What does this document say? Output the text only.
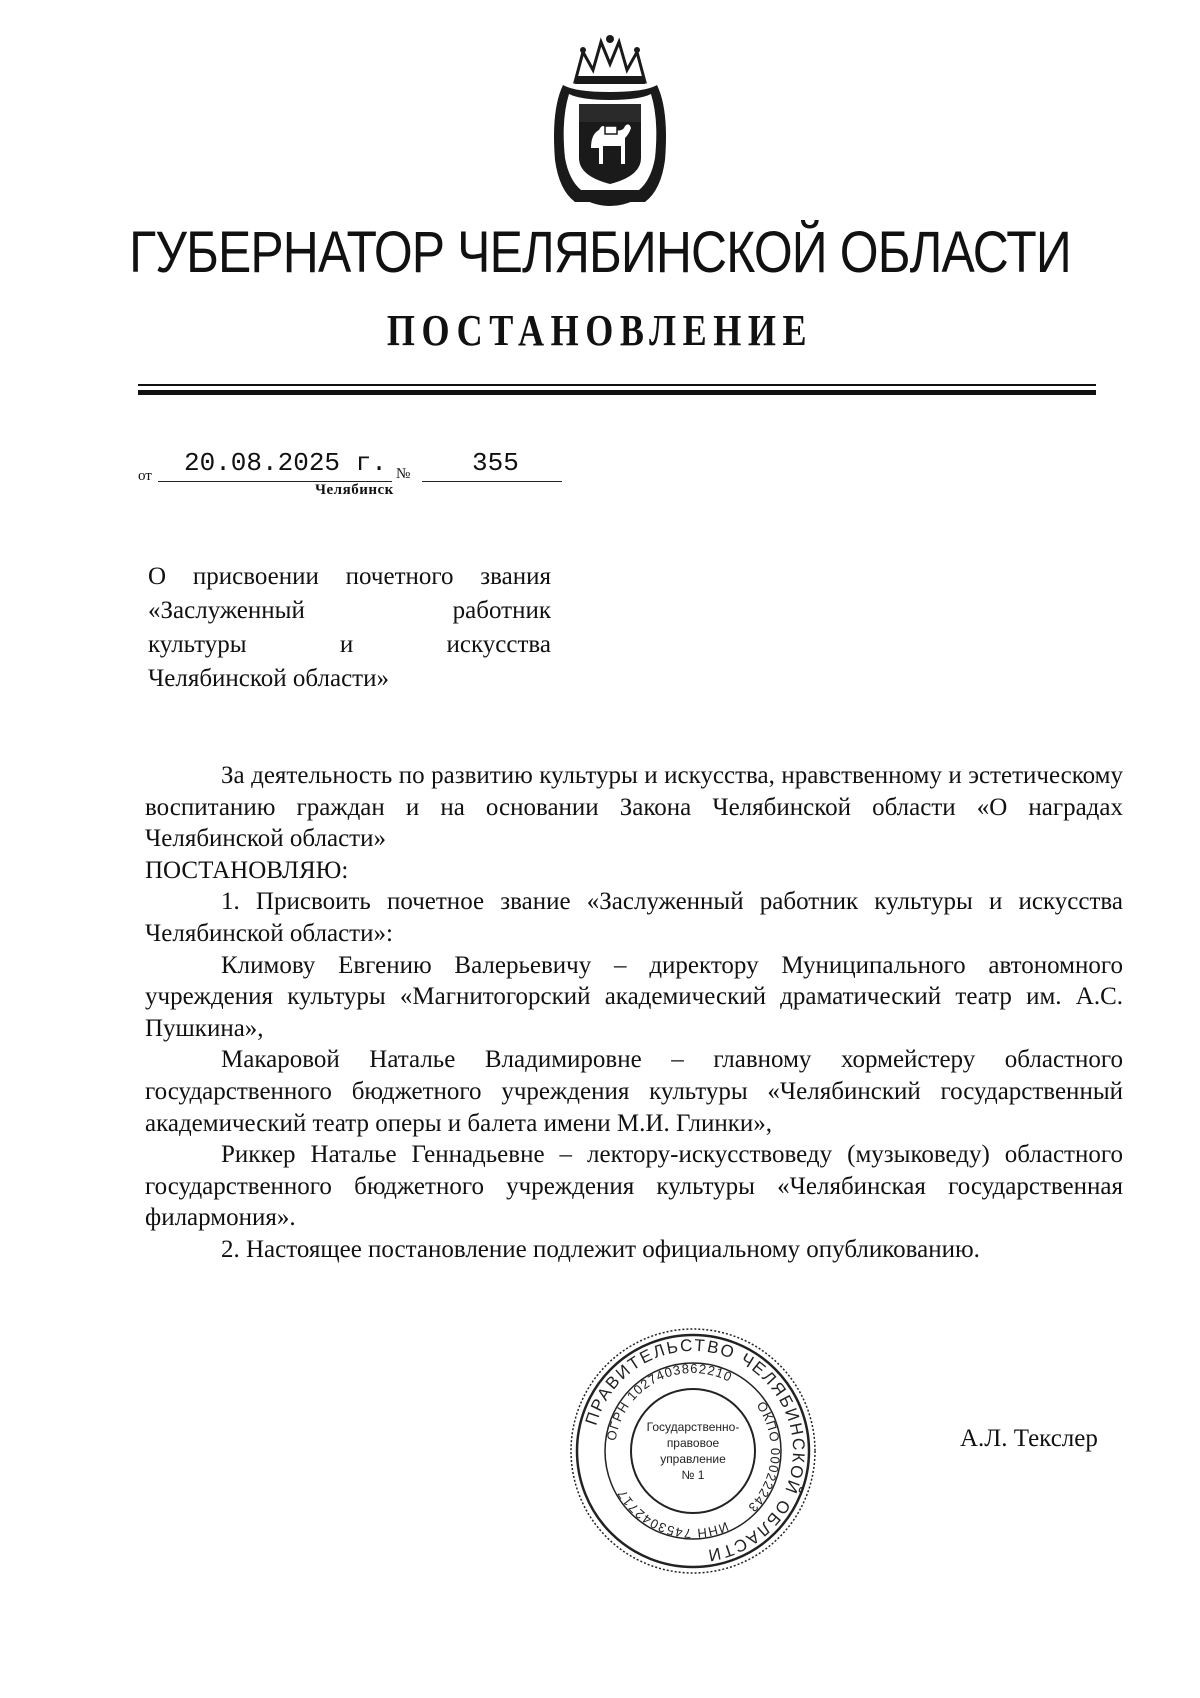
ГУБЕРНАТОР ЧЕЛЯБИНСКОЙ ОБЛАСТИ
ПОСТАНОВЛЕНИЕ
от	20.08.2025 г. №	355
Челябинск
О присвоении почетного звания
«Заслуженный работник
культуры и искусства
Челябинской области»

За деятельность по развитию культуры и искусства, нравственному и эстетическому воспитанию граждан и на основании Закона Челябинской области «О наградах Челябинской области»

ПОСТАНОВЛЯЮ:

1. Присвоить почетное звание «Заслуженный работник культуры и искусства Челябинской области»:

Климову Евгению Валерьевичу – директору Муниципального автономного учреждения культуры «Магнитогорский академический драматический театр им. А.С. Пушкина»,

Макаровой Наталье Владимировне – главному хормейстеру областного государственного бюджетного учреждения культуры «Челябинский государственный академический театр оперы и балета имени М.И. Глинки»,

Риккер Наталье Геннадьевне – лектору-искусствоведу (музыковеду) областного государственного бюджетного учреждения культуры «Челябинская государственная филармония».

2. Настоящее постановление подлежит официальному опубликованию.

ПРАВИТЕЛЬСТВО ЧЕЛЯБИНСКОЙ ОБЛАСТИ
ОГРН 1027403862210
ОКПО 00022243
ИНН 7453042717
Государственно-
правовое
управление
№ 1
А.Л. Текслер
